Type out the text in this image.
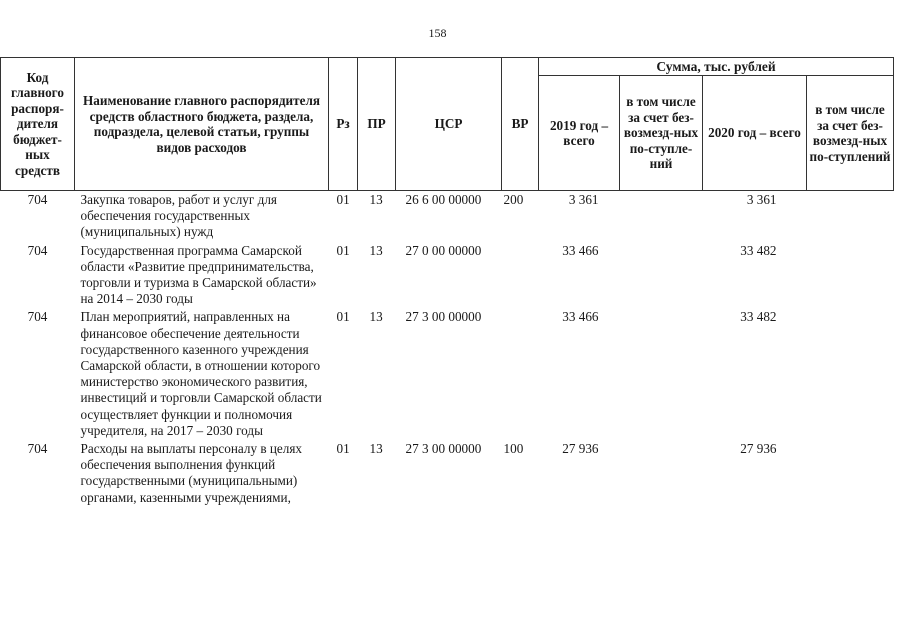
158
Код главного распоря-дителя бюджет-ных средств	Наименование главного распорядителя средств областного бюджета, раздела, подраздела, целевой статьи, группы видов расходов	Рз	ПР	ЦСР	ВР	Сумма, тыс. рублей			
						2019 год – всего	в том числе за счет без-возмезд-ных по-ступле-ний	2020 год – всего	в том числе за счет без-возмезд-ных по-ступлений
704	Закупка товаров, работ и услуг для обеспечения государственных (муниципальных) нужд	01	13	26 6 00 00000	200	3 361		3 361	
704	Государственная программа Самарской области «Развитие предпринимательства, торговли и туризма в Самарской области» на 2014 – 2030 годы	01	13	27 0 00 00000		33 466		33 482	
704	План мероприятий, направленных на финансовое обеспечение деятельности государственного казенного учреждения Самарской области, в отношении которого министерство экономического развития, инвестиций и торговли Самарской области осуществляет функции и полномочия учредителя, на 2017 – 2030 годы	01	13	27 3 00 00000		33 466		33 482	
704	Расходы на выплаты персоналу в целях обеспечения выполнения функций государственными (муниципальными) органами, казенными учреждениями,	01	13	27 3 00 00000	100	27 936		27 936	
